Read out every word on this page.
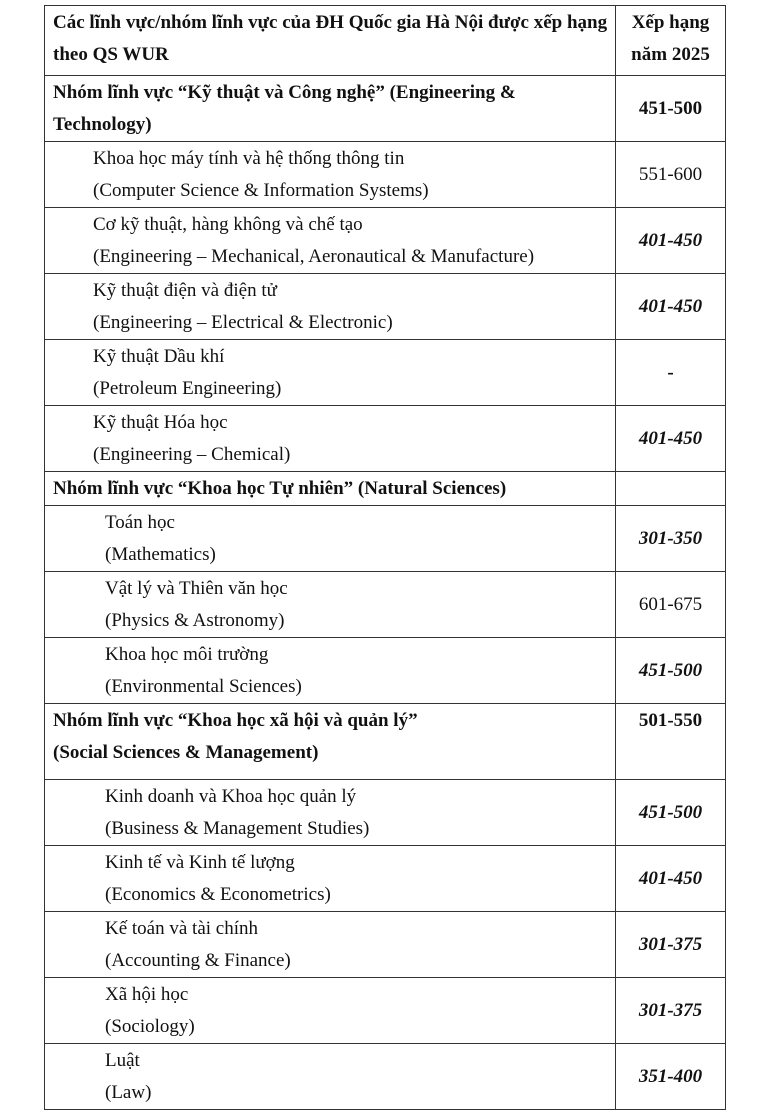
Các lĩnh vực/nhóm lĩnh vực của ĐH Quốc gia Hà Nội được xếp hạng theo QS WUR	Xếp hạng năm 2025
Nhóm lĩnh vực “Kỹ thuật và Công nghệ” (Engineering & Technology)	451-500

Khoa học máy tính và hệ thống thông tin
(Computer Science & Information Systems)	551-600

Cơ kỹ thuật, hàng không và chế tạo
(Engineering – Mechanical, Aeronautical & Manufacture)	401-450

Kỹ thuật điện và điện tử
(Engineering – Electrical & Electronic)	401-450

Kỹ thuật Dầu khí
(Petroleum Engineering)	-

Kỹ thuật Hóa học
(Engineering – Chemical)	401-450
Nhóm lĩnh vực “Khoa học Tự nhiên” (Natural Sciences)	

Toán học
(Mathematics)	301-350

Vật lý và Thiên văn học
(Physics & Astronomy)	601-675

Khoa học môi trường
(Environmental Sciences)	451-500

Nhóm lĩnh vực “Khoa học xã hội và quản lý”
(Social Sciences & Management)	501-550

Kinh doanh và Khoa học quản lý
(Business & Management Studies)	451-500

Kinh tế và Kinh tế lượng
(Economics & Econometrics)	401-450

Kế toán và tài chính
(Accounting & Finance)	301-375

Xã hội học
(Sociology)	301-375

Luật
(Law)	351-400
